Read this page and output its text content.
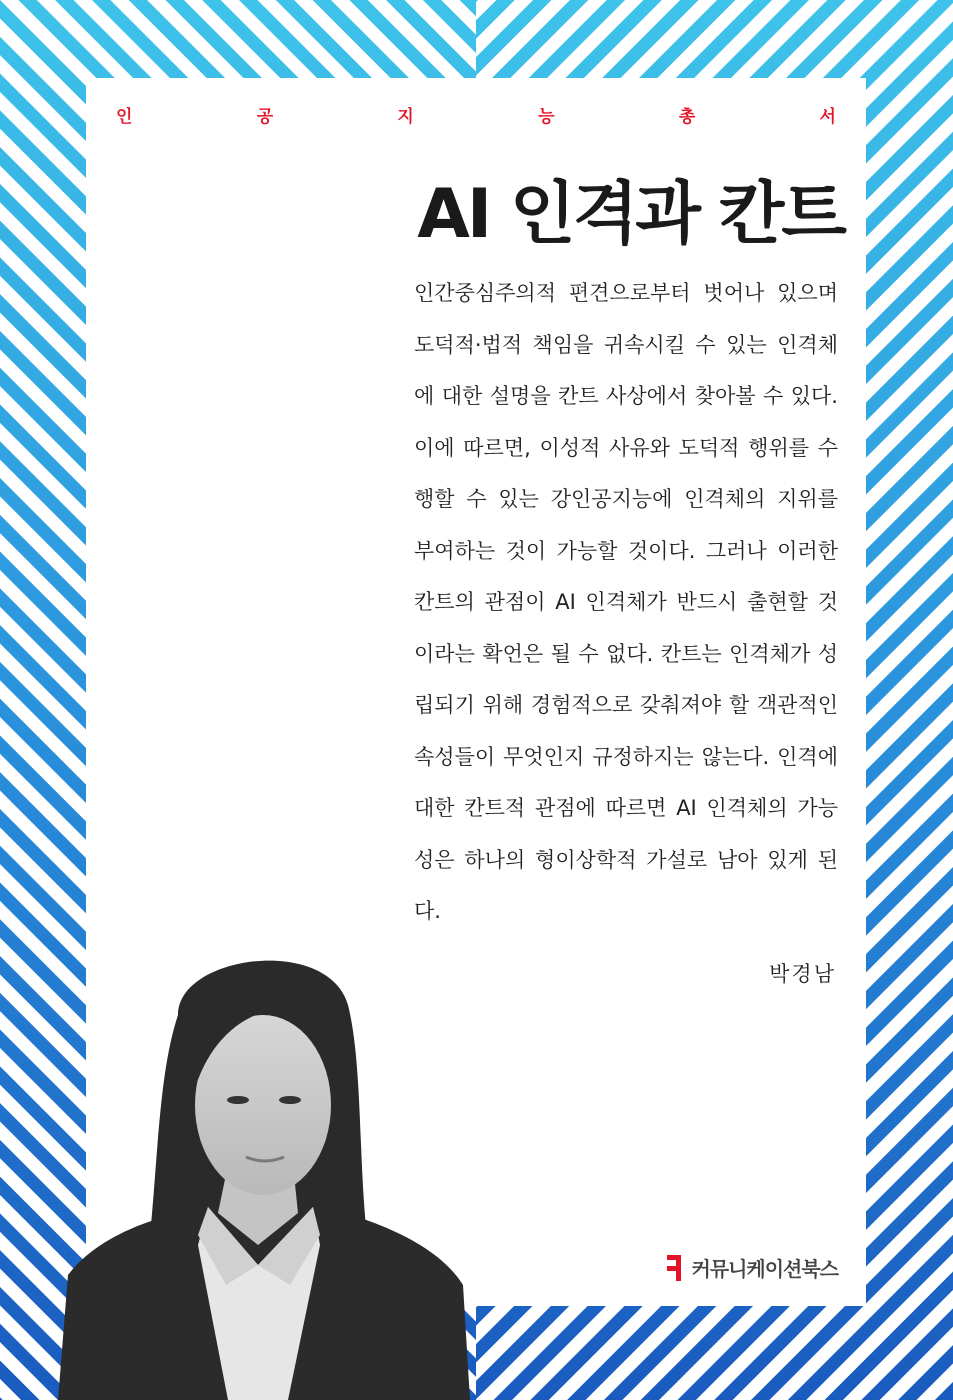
인	공	지	능	총	서
AI 인격과 칸트

인간중심주의적 편견으로부터 벗어나 있으며 도덕적·법적 책임을 귀속시킬 수 있는 인격체에 대한 설명을 칸트 사상에서 찾아볼 수 있다. 이에 따르면, 이성적 사유와 도덕적 행위를 수행할 수 있는 강인공지능에 인격체의 지위를 부여하는 것이 가능할 것이다. 그러나 이러한 칸트의 관점이 AI 인격체가 반드시 출현할 것이라는 확언은 될 수 없다. 칸트는 인격체가 성립되기 위해 경험적으로 갖춰져야 할 객관적인 속성들이 무엇인지 규정하지는 않는다. 인격에 대한 칸트적 관점에 따르면 AI 인격체의 가능성은 하나의 형이상학적 가설로 남아 있게 된다.

박경남
커뮤니케이션북스
